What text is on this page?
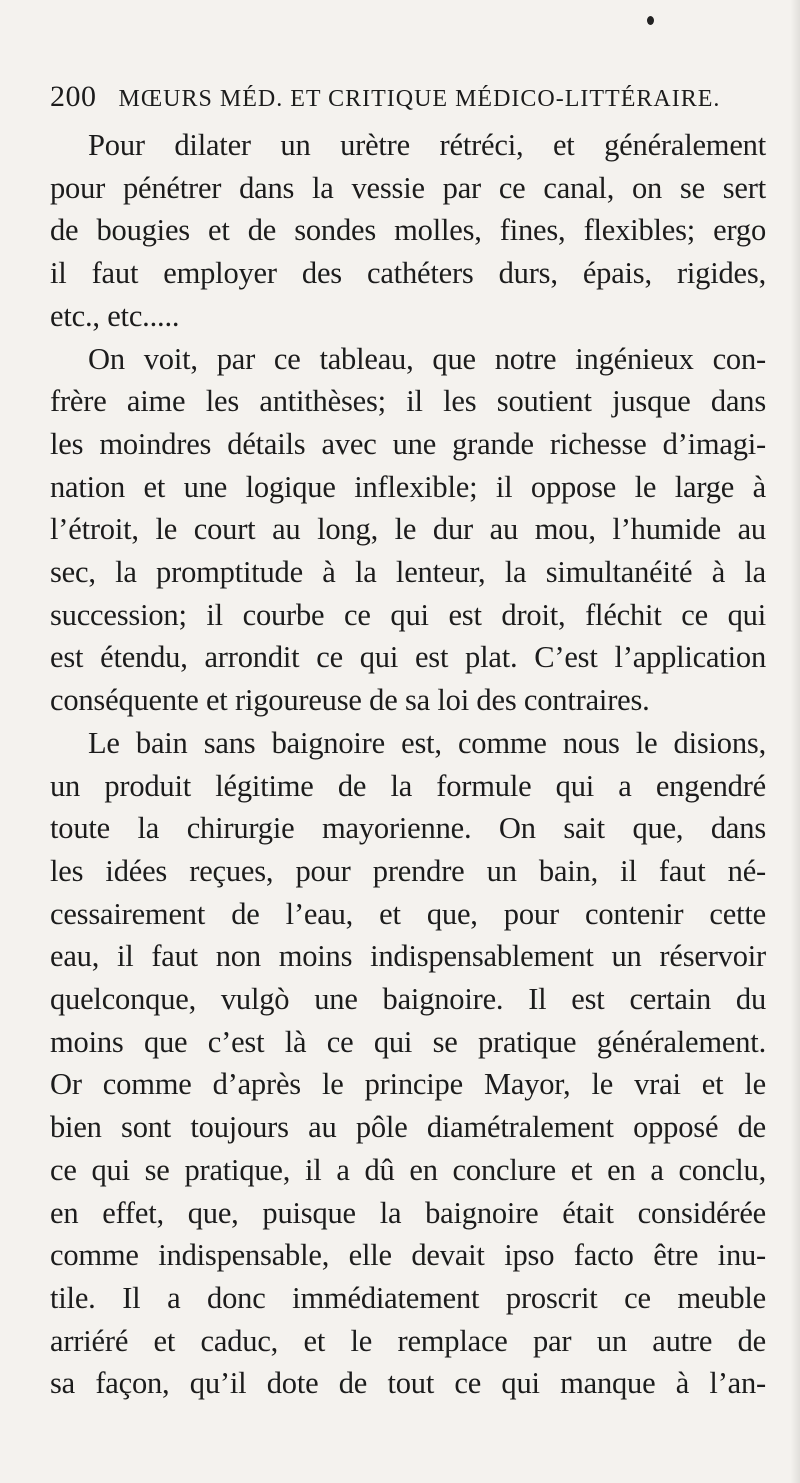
200 MŒURS MÉD. ET CRITIQUE MÉDICO-LITTÉRAIRE.

Pour dilater un urètre rétréci, et généralement
pour pénétrer dans la vessie par ce canal, on se sert
de bougies et de sondes molles, fines, flexibles; ergo
il faut employer des cathéters durs, épais, rigides,
etc., etc.....

On voit, par ce tableau, que notre ingénieux con-
frère aime les antithèses; il les soutient jusque dans
les moindres détails avec une grande richesse d’imagi-
nation et une logique inflexible; il oppose le large à
l’étroit, le court au long, le dur au mou, l’humide au
sec, la promptitude à la lenteur, la simultanéité à la
succession; il courbe ce qui est droit, fléchit ce qui
est étendu, arrondit ce qui est plat. C’est l’application
conséquente et rigoureuse de sa loi des contraires.

Le bain sans baignoire est, comme nous le disions,
un produit légitime de la formule qui a engendré
toute la chirurgie mayorienne. On sait que, dans
les idées reçues, pour prendre un bain, il faut né-
cessairement de l’eau, et que, pour contenir cette
eau, il faut non moins indispensablement un réservoir
quelconque, vulgò une baignoire. Il est certain du
moins que c’est là ce qui se pratique généralement.
Or comme d’après le principe Mayor, le vrai et le
bien sont toujours au pôle diamétralement opposé de
ce qui se pratique, il a dû en conclure et en a conclu,
en effet, que, puisque la baignoire était considérée
comme indispensable, elle devait ipso facto être inu-
tile. Il a donc immédiatement proscrit ce meuble
arriéré et caduc, et le remplace par un autre de
sa façon, qu’il dote de tout ce qui manque à l’an-
